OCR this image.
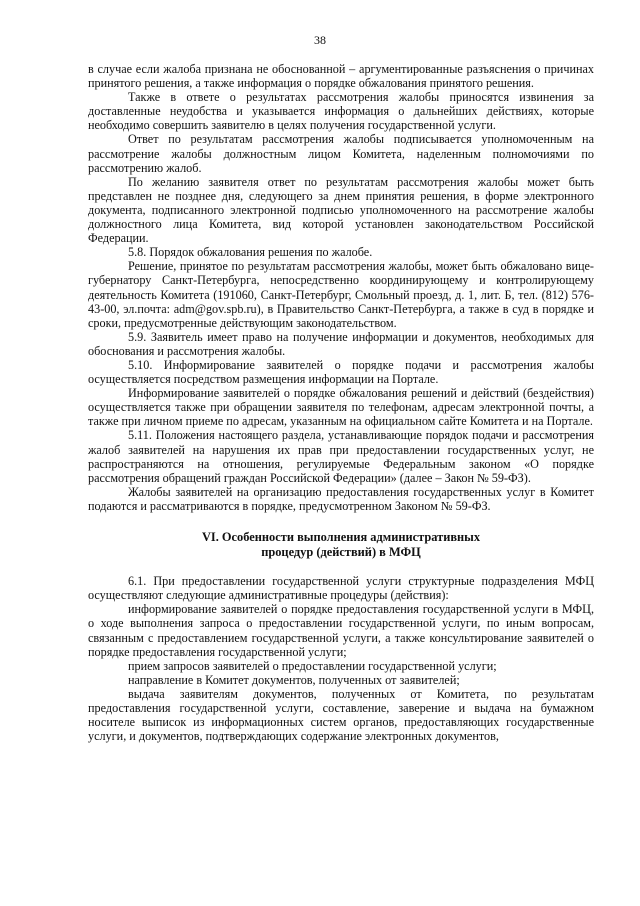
38

в случае если жалоба признана не обоснованной – аргументированные разъяснения о причинах принятого решения, а также информация о порядке обжалования принятого решения.

Также в ответе о результатах рассмотрения жалобы приносятся извинения за доставленные неудобства и указывается информация о дальнейших действиях, которые необходимо совершить заявителю в целях получения государственной услуги.

Ответ по результатам рассмотрения жалобы подписывается уполномоченным на рассмотрение жалобы должностным лицом Комитета, наделенным полномочиями по рассмотрению жалоб.

По желанию заявителя ответ по результатам рассмотрения жалобы может быть представлен не позднее дня, следующего за днем принятия решения, в форме электронного документа, подписанного электронной подписью уполномоченного на рассмотрение жалобы должностного лица Комитета, вид которой установлен законодательством Российской Федерации.

5.8. Порядок обжалования решения по жалобе.

Решение, принятое по результатам рассмотрения жалобы, может быть обжаловано вице-губернатору Санкт-Петербурга, непосредственно координирующему и контролирующему деятельность Комитета (191060, Санкт-Петербург, Смольный проезд, д. 1, лит. Б, тел. (812) 576-43-00, эл.почта: adm@gov.spb.ru), в Правительство Санкт-Петербурга, а также в суд в порядке и сроки, предусмотренные действующим законодательством.

5.9. Заявитель имеет право на получение информации и документов, необходимых для обоснования и рассмотрения жалобы.

5.10. Информирование заявителей о порядке подачи и рассмотрения жалобы осуществляется посредством размещения информации на Портале.

Информирование заявителей о порядке обжалования решений и действий (бездействия) осуществляется также при обращении заявителя по телефонам, адресам электронной почты, а также при личном приеме по адресам, указанным на официальном сайте Комитета и на Портале.

5.11. Положения настоящего раздела, устанавливающие порядок подачи и рассмотрения жалоб заявителей на нарушения их прав при предоставлении государственных услуг, не распространяются на отношения, регулируемые Федеральным законом «О порядке рассмотрения обращений граждан Российской Федерации» (далее – Закон № 59-ФЗ).

Жалобы заявителей на организацию предоставления государственных услуг в Комитет подаются и рассматриваются в порядке, предусмотренном Законом № 59-ФЗ.

VI. Особенности выполнения административных
процедур (действий) в МФЦ

6.1. При предоставлении государственной услуги структурные подразделения МФЦ осуществляют следующие административные процедуры (действия):

информирование заявителей о порядке предоставления государственной услуги в МФЦ, о ходе выполнения запроса о предоставлении государственной услуги, по иным вопросам, связанным с предоставлением государственной услуги, а также консультирование заявителей о порядке предоставления государственной услуги;

прием запросов заявителей о предоставлении государственной услуги;

направление в Комитет документов, полученных от заявителей;

выдача заявителям документов, полученных от Комитета, по результатам предоставления государственной услуги, составление, заверение и выдача на бумажном носителе выписок из информационных систем органов, предоставляющих государственные услуги, и документов, подтверждающих содержание электронных документов,
